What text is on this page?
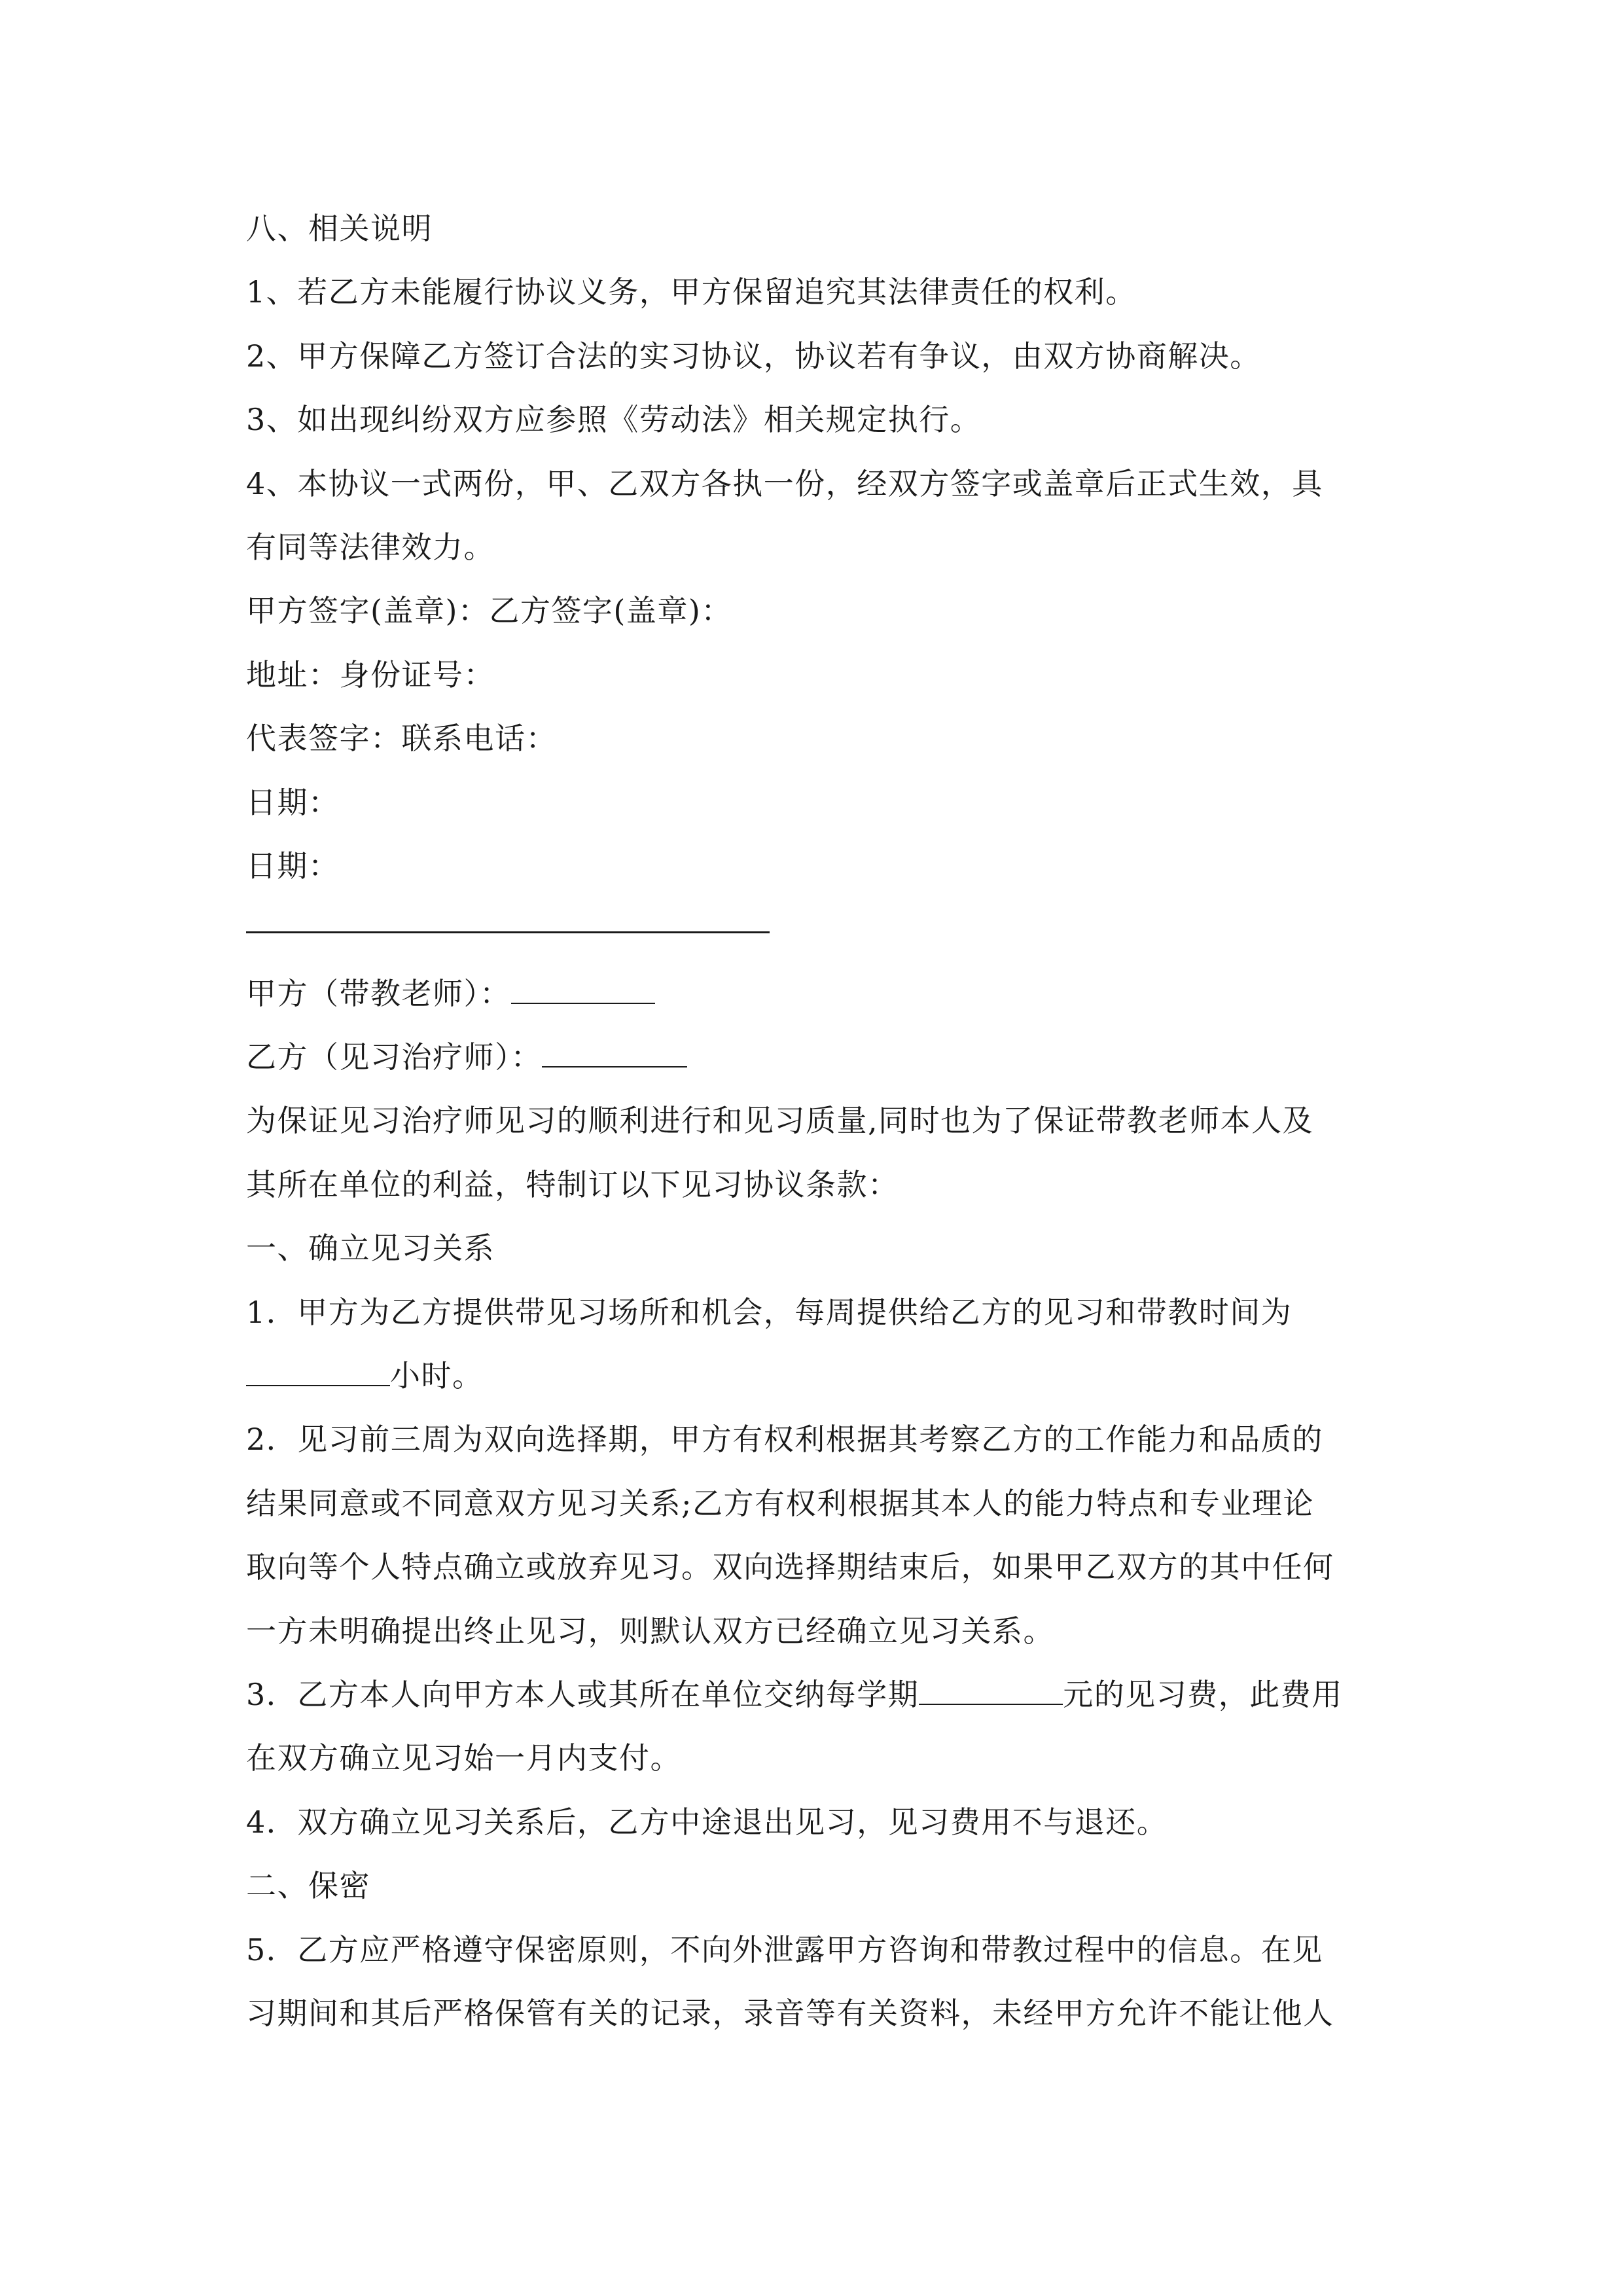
八、相关说明
1、若乙方未能履行协议义务，甲方保留追究其法律责任的权利。
2、甲方保障乙方签订合法的实习协议，协议若有争议，由双方协商解决。
3、如出现纠纷双方应参照《劳动法》相关规定执行。
4、本协议一式两份，甲、乙双方各执一份，经双方签字或盖章后正式生效，具
有同等法律效力。
甲方签字(盖章)：乙方签字(盖章)：
地址：身份证号：
代表签字：联系电话：
日期：
日期：
甲方（带教老师）：
乙方（见习治疗师）：
为保证见习治疗师见习的顺利进行和见习质量,同时也为了保证带教老师本人及
其所在单位的利益，特制订以下见习协议条款：
一、确立见习关系
1．甲方为乙方提供带见习场所和机会，每周提供给乙方的见习和带教时间为
小时。
2．见习前三周为双向选择期，甲方有权利根据其考察乙方的工作能力和品质的
结果同意或不同意双方见习关系;乙方有权利根据其本人的能力特点和专业理论
取向等个人特点确立或放弃见习。双向选择期结束后，如果甲乙双方的其中任何
一方未明确提出终止见习，则默认双方已经确立见习关系。
3．乙方本人向甲方本人或其所在单位交纳每学期	元的见习费，此费用
在双方确立见习始一月内支付。
4．双方确立见习关系后，乙方中途退出见习，见习费用不与退还。
二、保密
5．乙方应严格遵守保密原则，不向外泄露甲方咨询和带教过程中的信息。在见
习期间和其后严格保管有关的记录，录音等有关资料，未经甲方允许不能让他人
